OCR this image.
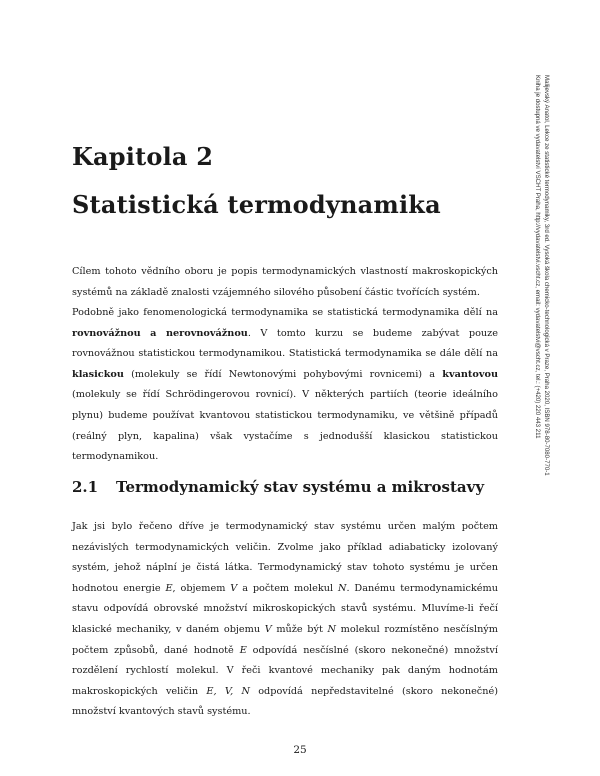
Kapitola 2
Statistická termodynamika

Cílem tohoto vědního oboru je popis termodynamických vlastností makroskopických systémů na základě znalosti vzájemného silového působení částic tvořících systém.

Podobně jako fenomenologická termodynamika se statistická termodynamika dělí na rovnovážnou a nerovnovážnou. V tomto kurzu se budeme zabývat pouze rovnovážnou statistickou termodynamikou. Statistická termodynamika se dále dělí na klasickou (molekuly se řídí Newtonovými pohybovými rovnicemi) a kvantovou (molekuly se řídí Schrödingerovou rovnicí). V některých partiích (teorie ideálního plynu) budeme používat kvantovou statistickou termodynamiku, ve většině případů (reálný plyn, kapalina) však vystačíme s jednodušší klasickou statistickou termodynamikou.

2.1 Termodynamický stav systému a mikrostavy

Jak jsi bylo řečeno dříve je termodynamický stav systému určen malým počtem nezávislých termodynamických veličin. Zvolme jako příklad adiabaticky izolovaný systém, jehož náplní je čistá látka. Termodynamický stav tohoto systému je určen hodnotou energie E, objemem V a počtem molekul N. Danému termodynamickému stavu odpovídá obrovské množství mikroskopických stavů systému. Mluvíme-li řečí klasické mechaniky, v daném objemu V může být N molekul rozmístěno nesčíslným počtem způsobů, dané hodnotě E odpovídá nesčíslné (skoro nekonečné) množství rozdělení rychlostí molekul. V řeči kvantové mechaniky pak daným hodnotám makroskopických veličin E, V, N odpovídá nepředstavitelné (skoro nekonečné) množství kvantových stavů systému.

25
Malijevský Anatol, Lekce ze statistické termodynamiky, 3rd ed. Vysoká škola chemicko-technologická v Praze, Praha 2020, ISBN 978-80-7080-770-1
Kniha je dostupná ve vydavatelství VŠCHT Praha, http://vydavatelstvi.vscht.cz, email: vydavatelstvi@vscht.cz, tel.: (+420) 220 443 211
